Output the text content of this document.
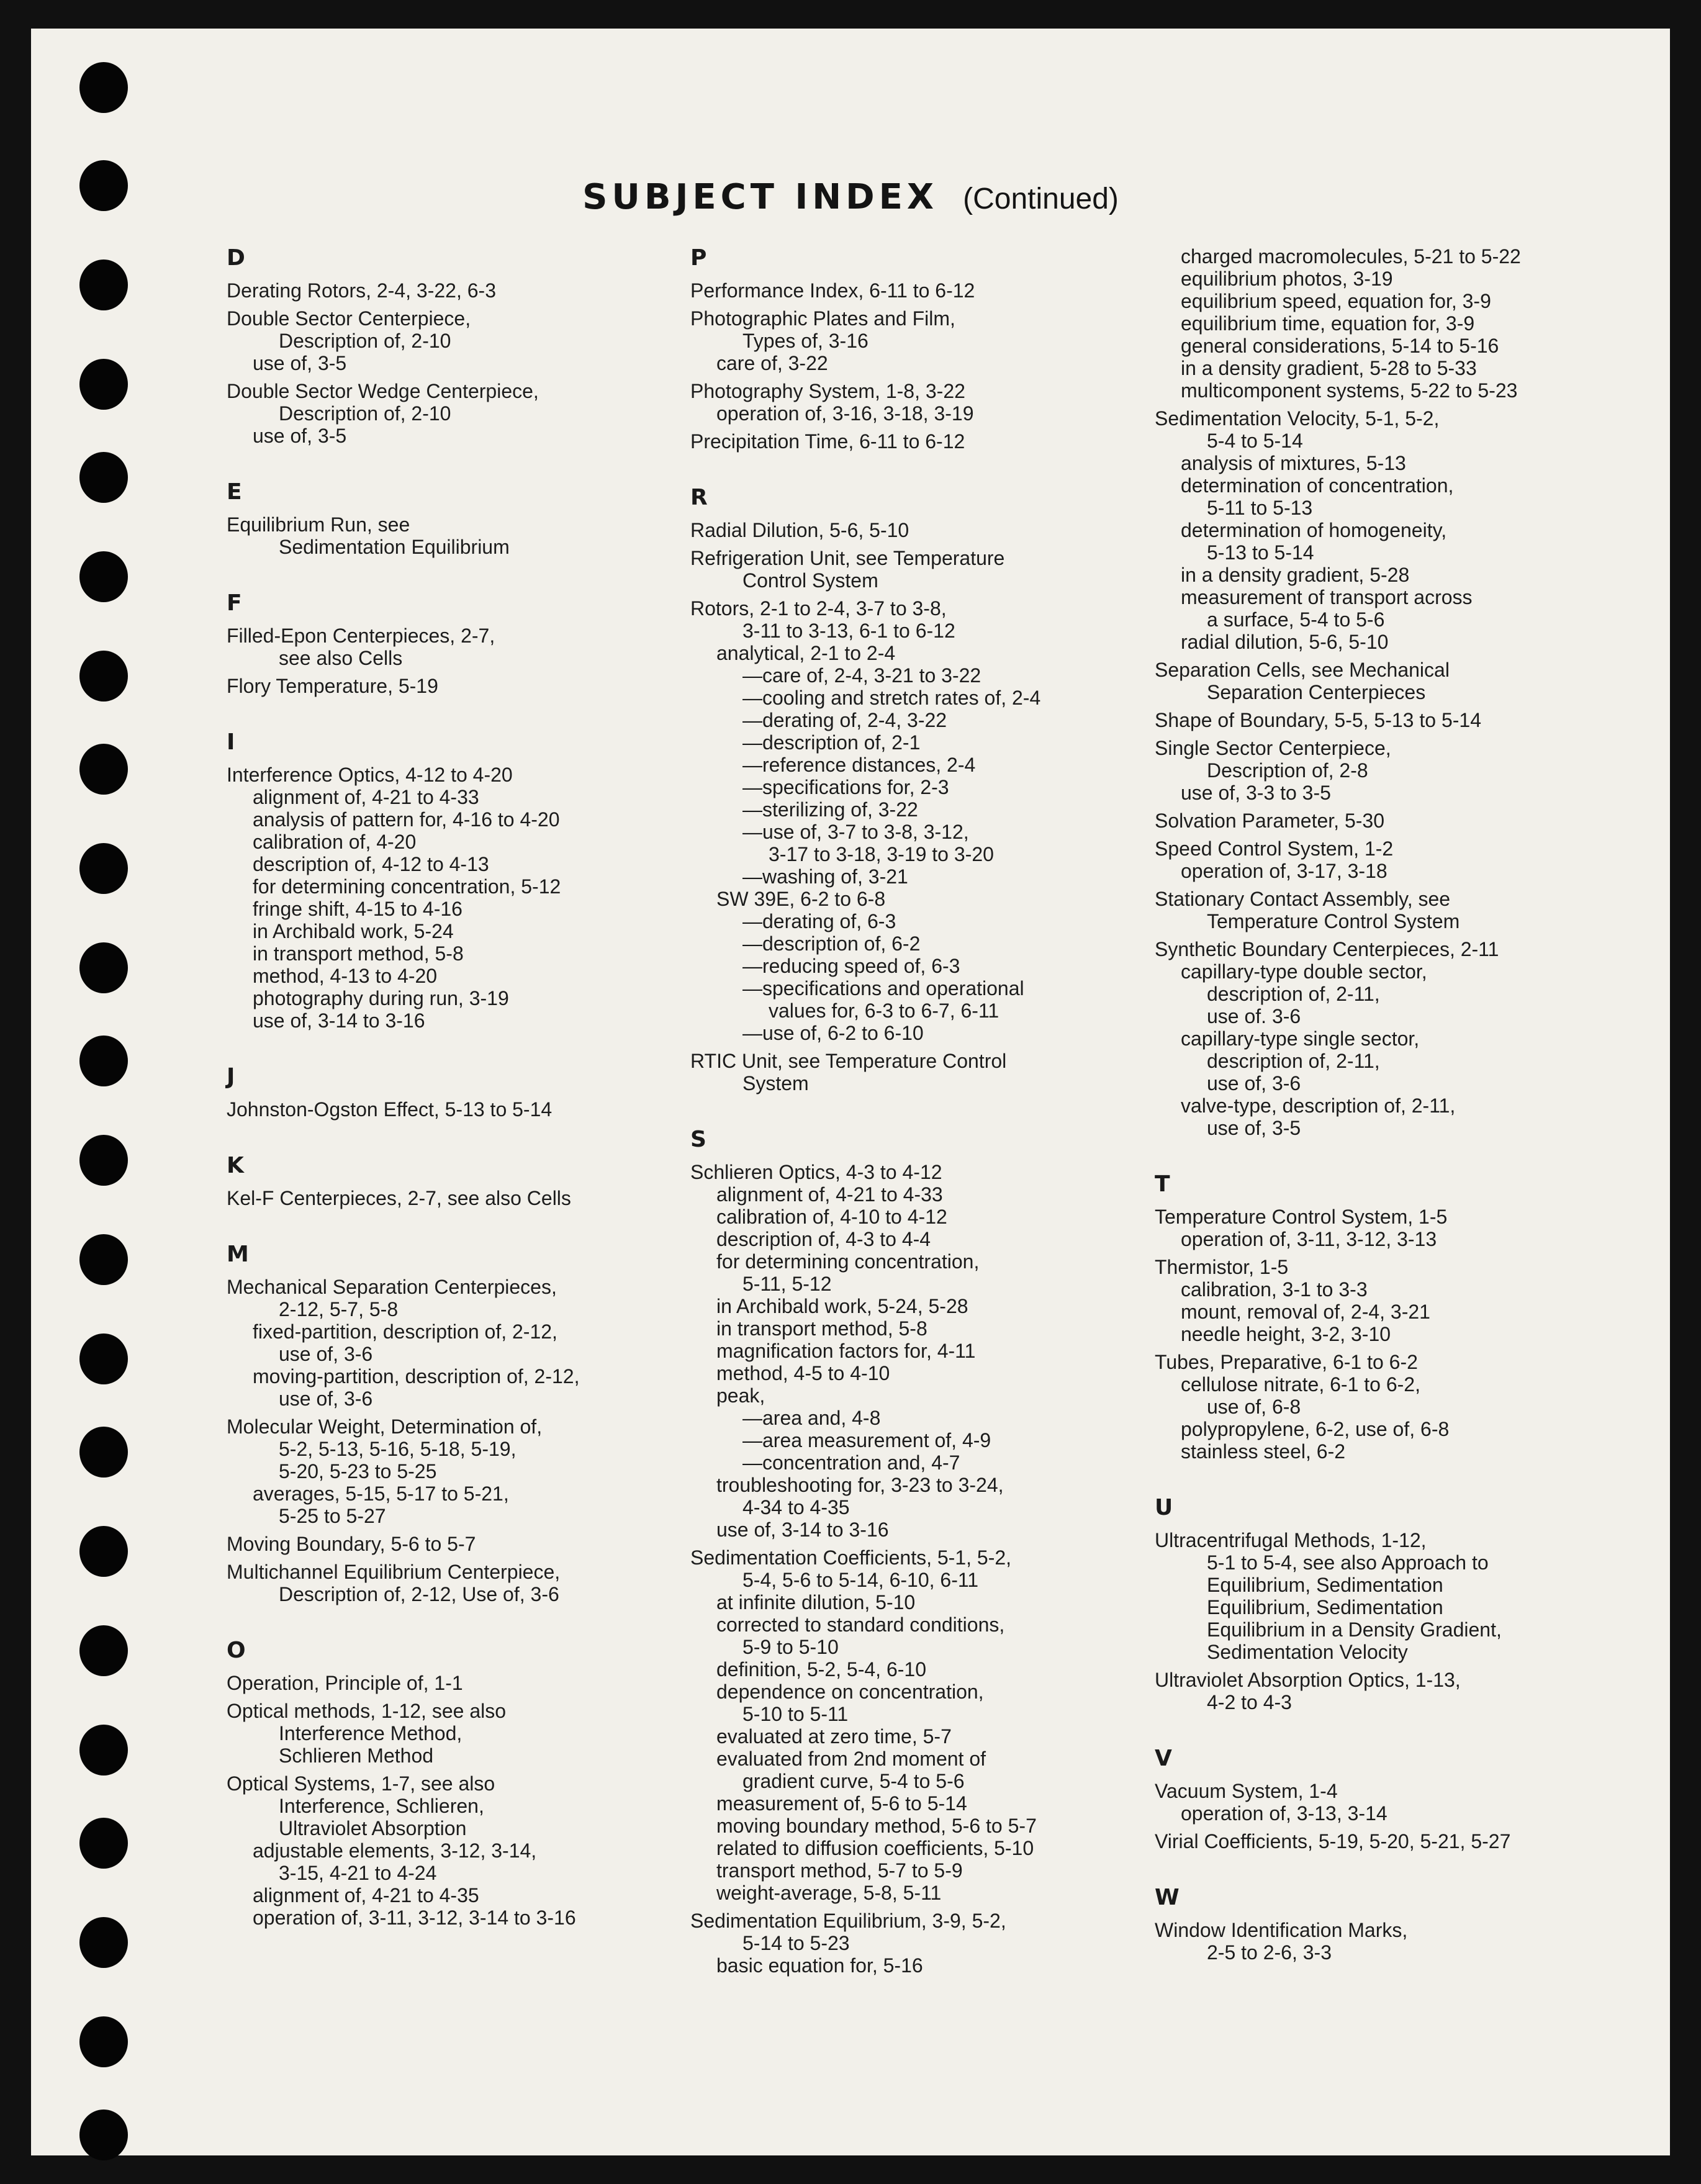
SUBJECT INDEX (Continued)
D
Derating Rotors, 2-4, 3-22, 6-3
Double Sector Centerpiece,
Description of, 2-10
use of, 3-5
Double Sector Wedge Centerpiece,
Description of, 2-10
use of, 3-5
E
Equilibrium Run, see
Sedimentation Equilibrium
F
Filled-Epon Centerpieces, 2-7,
see also Cells
Flory Temperature, 5-19
I
Interference Optics, 4-12 to 4-20
alignment of, 4-21 to 4-33
analysis of pattern for, 4-16 to 4-20
calibration of, 4-20
description of, 4-12 to 4-13
for determining concentration, 5-12
fringe shift, 4-15 to 4-16
in Archibald work, 5-24
in transport method, 5-8
method, 4-13 to 4-20
photography during run, 3-19
use of, 3-14 to 3-16
J
Johnston-Ogston Effect, 5-13 to 5-14
K
Kel-F Centerpieces, 2-7, see also Cells
M
Mechanical Separation Centerpieces,
2-12, 5-7, 5-8
fixed-partition, description of, 2-12,
use of, 3-6
moving-partition, description of, 2-12,
use of, 3-6
Molecular Weight, Determination of,
5-2, 5-13, 5-16, 5-18, 5-19,
5-20, 5-23 to 5-25
averages, 5-15, 5-17 to 5-21,
5-25 to 5-27
Moving Boundary, 5-6 to 5-7
Multichannel Equilibrium Centerpiece,
Description of, 2-12, Use of, 3-6
O
Operation, Principle of, 1-1
Optical methods, 1-12, see also
Interference Method,
Schlieren Method
Optical Systems, 1-7, see also
Interference, Schlieren,
Ultraviolet Absorption
adjustable elements, 3-12, 3-14,
3-15, 4-21 to 4-24
alignment of, 4-21 to 4-35
operation of, 3-11, 3-12, 3-14 to 3-16
P
Performance Index, 6-11 to 6-12
Photographic Plates and Film,
Types of, 3-16
care of, 3-22
Photography System, 1-8, 3-22
operation of, 3-16, 3-18, 3-19
Precipitation Time, 6-11 to 6-12
R
Radial Dilution, 5-6, 5-10
Refrigeration Unit, see Temperature
Control System
Rotors, 2-1 to 2-4, 3-7 to 3-8,
3-11 to 3-13, 6-1 to 6-12
analytical, 2-1 to 2-4
—care of, 2-4, 3-21 to 3-22
—cooling and stretch rates of, 2-4
—derating of, 2-4, 3-22
—description of, 2-1
—reference distances, 2-4
—specifications for, 2-3
—sterilizing of, 3-22
—use of, 3-7 to 3-8, 3-12,
3-17 to 3-18, 3-19 to 3-20
—washing of, 3-21
SW 39E, 6-2 to 6-8
—derating of, 6-3
—description of, 6-2
—reducing speed of, 6-3
—specifications and operational
values for, 6-3 to 6-7, 6-11
—use of, 6-2 to 6-10
RTIC Unit, see Temperature Control
System
S
Schlieren Optics, 4-3 to 4-12
alignment of, 4-21 to 4-33
calibration of, 4-10 to 4-12
description of, 4-3 to 4-4
for determining concentration,
5-11, 5-12
in Archibald work, 5-24, 5-28
in transport method, 5-8
magnification factors for, 4-11
method, 4-5 to 4-10
peak,
—area and, 4-8
—area measurement of, 4-9
—concentration and, 4-7
troubleshooting for, 3-23 to 3-24,
4-34 to 4-35
use of, 3-14 to 3-16
Sedimentation Coefficients, 5-1, 5-2,
5-4, 5-6 to 5-14, 6-10, 6-11
at infinite dilution, 5-10
corrected to standard conditions,
5-9 to 5-10
definition, 5-2, 5-4, 6-10
dependence on concentration,
5-10 to 5-11
evaluated at zero time, 5-7
evaluated from 2nd moment of
gradient curve, 5-4 to 5-6
measurement of, 5-6 to 5-14
moving boundary method, 5-6 to 5-7
related to diffusion coefficients, 5-10
transport method, 5-7 to 5-9
weight-average, 5-8, 5-11
Sedimentation Equilibrium, 3-9, 5-2,
5-14 to 5-23
basic equation for, 5-16
charged macromolecules, 5-21 to 5-22
equilibrium photos, 3-19
equilibrium speed, equation for, 3-9
equilibrium time, equation for, 3-9
general considerations, 5-14 to 5-16
in a density gradient, 5-28 to 5-33
multicomponent systems, 5-22 to 5-23
Sedimentation Velocity, 5-1, 5-2,
5-4 to 5-14
analysis of mixtures, 5-13
determination of concentration,
5-11 to 5-13
determination of homogeneity,
5-13 to 5-14
in a density gradient, 5-28
measurement of transport across
a surface, 5-4 to 5-6
radial dilution, 5-6, 5-10
Separation Cells, see Mechanical
Separation Centerpieces
Shape of Boundary, 5-5, 5-13 to 5-14
Single Sector Centerpiece,
Description of, 2-8
use of, 3-3 to 3-5
Solvation Parameter, 5-30
Speed Control System, 1-2
operation of, 3-17, 3-18
Stationary Contact Assembly, see
Temperature Control System
Synthetic Boundary Centerpieces, 2-11
capillary-type double sector,
description of, 2-11,
use of. 3-6
capillary-type single sector,
description of, 2-11,
use of, 3-6
valve-type, description of, 2-11,
use of, 3-5
T
Temperature Control System, 1-5
operation of, 3-11, 3-12, 3-13
Thermistor, 1-5
calibration, 3-1 to 3-3
mount, removal of, 2-4, 3-21
needle height, 3-2, 3-10
Tubes, Preparative, 6-1 to 6-2
cellulose nitrate, 6-1 to 6-2,
use of, 6-8
polypropylene, 6-2, use of, 6-8
stainless steel, 6-2
U
Ultracentrifugal Methods, 1-12,
5-1 to 5-4, see also Approach to
Equilibrium, Sedimentation
Equilibrium, Sedimentation
Equilibrium in a Density Gradient,
Sedimentation Velocity
Ultraviolet Absorption Optics, 1-13,
4-2 to 4-3
V
Vacuum System, 1-4
operation of, 3-13, 3-14
Virial Coefficients, 5-19, 5-20, 5-21, 5-27
W
Window Identification Marks,
2-5 to 2-6, 3-3
